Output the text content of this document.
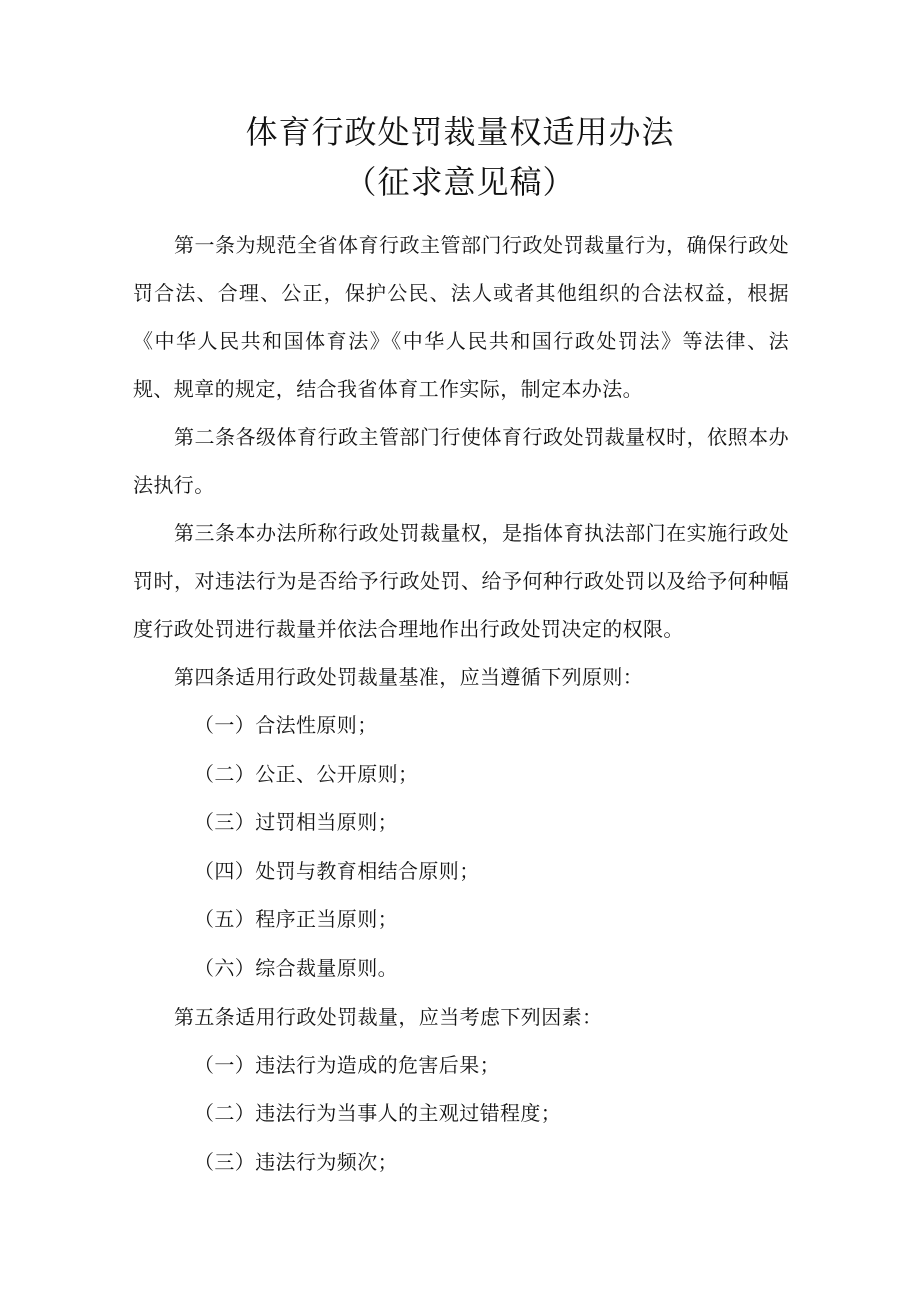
体育行政处罚裁量权适用办法
（征求意见稿）

第一条为规范全省体育行政主管部门行政处罚裁量行为，确保行政处罚合法、合理、公正，保护公民、法人或者其他组织的合法权益，根据《中华人民共和国体育法》《中华人民共和国行政处罚法》等法律、法规、规章的规定，结合我省体育工作实际，制定本办法。

第二条各级体育行政主管部门行使体育行政处罚裁量权时，依照本办法执行。

第三条本办法所称行政处罚裁量权，是指体育执法部门在实施行政处罚时，对违法行为是否给予行政处罚、给予何种行政处罚以及给予何种幅度行政处罚进行裁量并依法合理地作出行政处罚决定的权限。

第四条适用行政处罚裁量基准，应当遵循下列原则：

（一）合法性原则；

（二）公正、公开原则；

（三）过罚相当原则；

（四）处罚与教育相结合原则；

（五）程序正当原则；

（六）综合裁量原则。

第五条适用行政处罚裁量，应当考虑下列因素：

（一）违法行为造成的危害后果；

（二）违法行为当事人的主观过错程度；

（三）违法行为频次；
